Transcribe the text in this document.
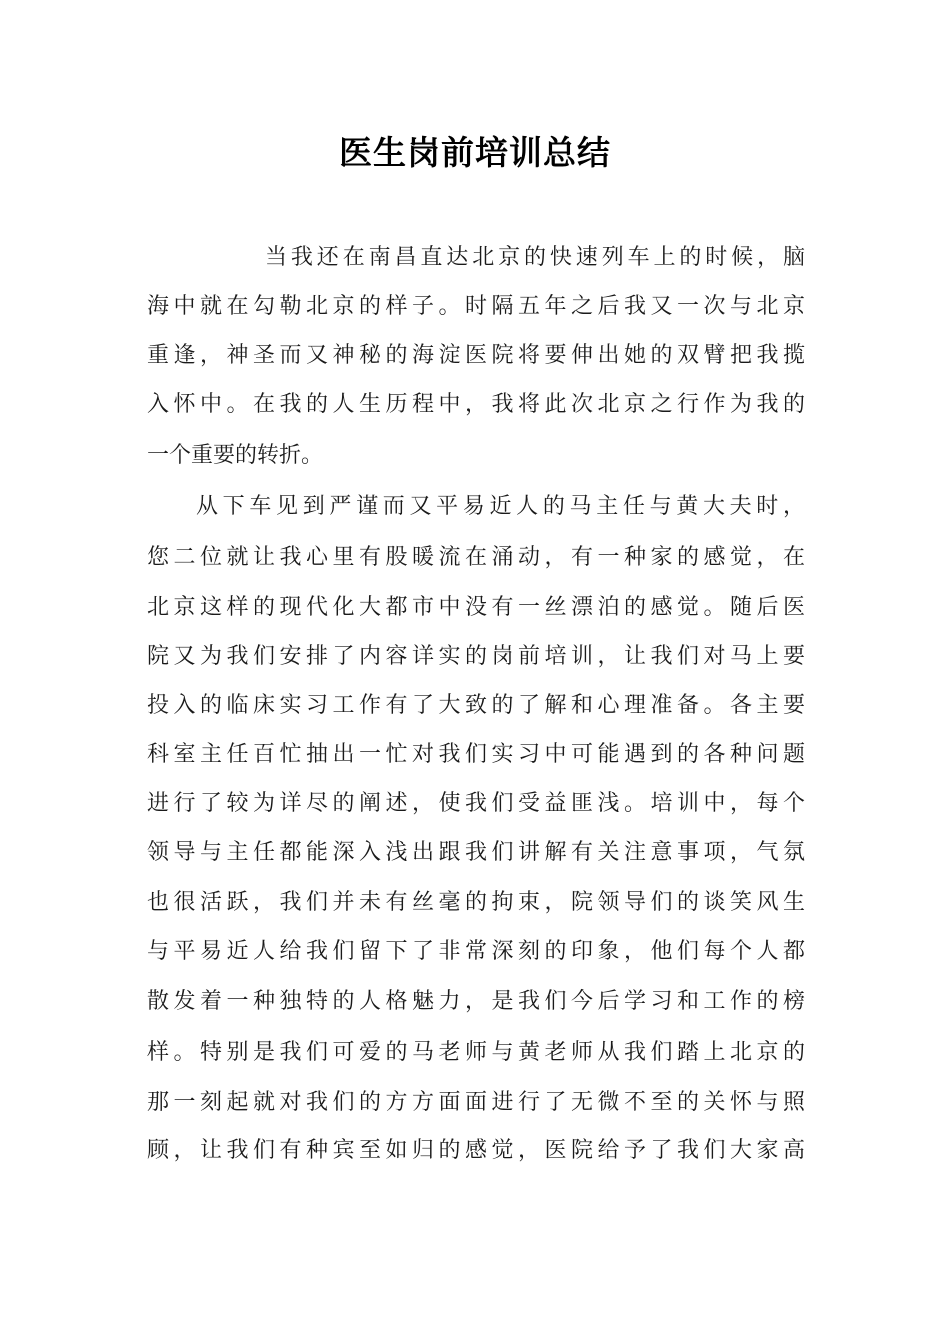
医生岗前培训总结
当我还在南昌直达北京的快速列车上的时候，脑
海中就在勾勒北京的样子。时隔五年之后我又一次与北京
重逢，神圣而又神秘的海淀医院将要伸出她的双臂把我揽
入怀中。在我的人生历程中，我将此次北京之行作为我的
一个重要的转折。
从下车见到严谨而又平易近人的马主任与黄大夫时，
您二位就让我心里有股暖流在涌动，有一种家的感觉，在
北京这样的现代化大都市中没有一丝漂泊的感觉。随后医
院又为我们安排了内容详实的岗前培训，让我们对马上要
投入的临床实习工作有了大致的了解和心理准备。各主要
科室主任百忙抽出一忙对我们实习中可能遇到的各种问题
进行了较为详尽的阐述，使我们受益匪浅。培训中，每个
领导与主任都能深入浅出跟我们讲解有关注意事项，气氛
也很活跃，我们并未有丝毫的拘束，院领导们的谈笑风生
与平易近人给我们留下了非常深刻的印象，他们每个人都
散发着一种独特的人格魅力，是我们今后学习和工作的榜
样。特别是我们可爱的马老师与黄老师从我们踏上北京的
那一刻起就对我们的方方面面进行了无微不至的关怀与照
顾，让我们有种宾至如归的感觉，医院给予了我们大家高
